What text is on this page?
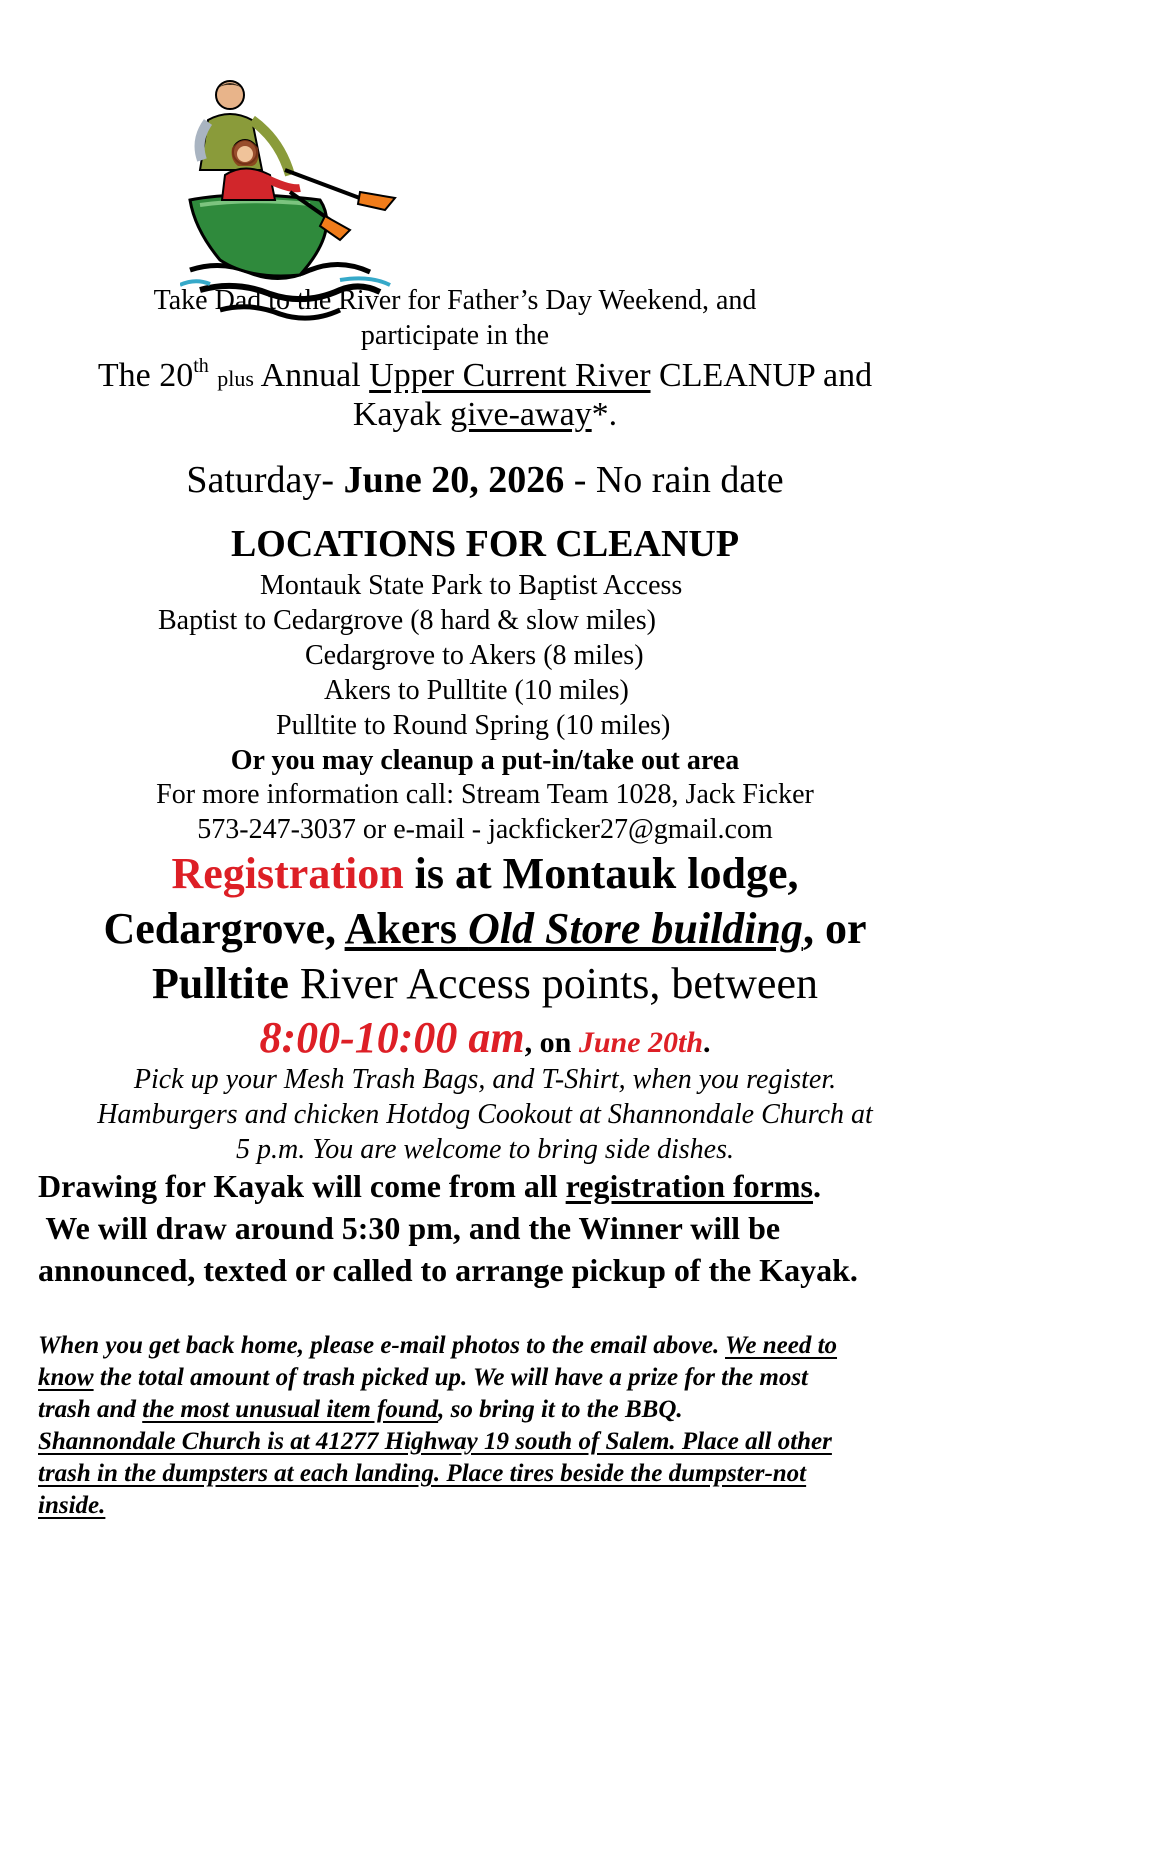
Take Dad to the River for Father’s Day Weekend, and
participate in the
The 20th plus Annual Upper Current River CLEANUP and
Kayak give-away*.
Saturday- June 20, 2026 - No rain date
LOCATIONS FOR CLEANUP
Montauk State Park to Baptist Access
Baptist to Cedargrove (8 hard & slow miles)
Cedargrove to Akers (8 miles)
Akers to Pulltite (10 miles)
Pulltite to Round Spring (10 miles)
Or you may cleanup a put-in/take out area
For more information call: Stream Team 1028, Jack Ficker
573-247-3037 or e-mail - jackficker27@gmail.com
Registration is at Montauk lodge,
Cedargrove, Akers Old Store building, or
Pulltite River Access points, between
8:00-10:00 am, on June 20th.
Pick up your Mesh Trash Bags, and T-Shirt, when you register.
Hamburgers and chicken Hotdog Cookout at Shannondale Church at
5 p.m. You are welcome to bring side dishes.
Drawing for Kayak will come from all registration forms.
We will draw around 5:30 pm, and the Winner will be
announced, texted or called to arrange pickup of the Kayak.
When you get back home, please e-mail photos to the email above. We need to
know the total amount of trash picked up. We will have a prize for the most
trash and the most unusual item found, so bring it to the BBQ.
Shannondale Church is at 41277 Highway 19 south of Salem. Place all other
trash in the dumpsters at each landing. Place tires beside the dumpster-not
inside.
